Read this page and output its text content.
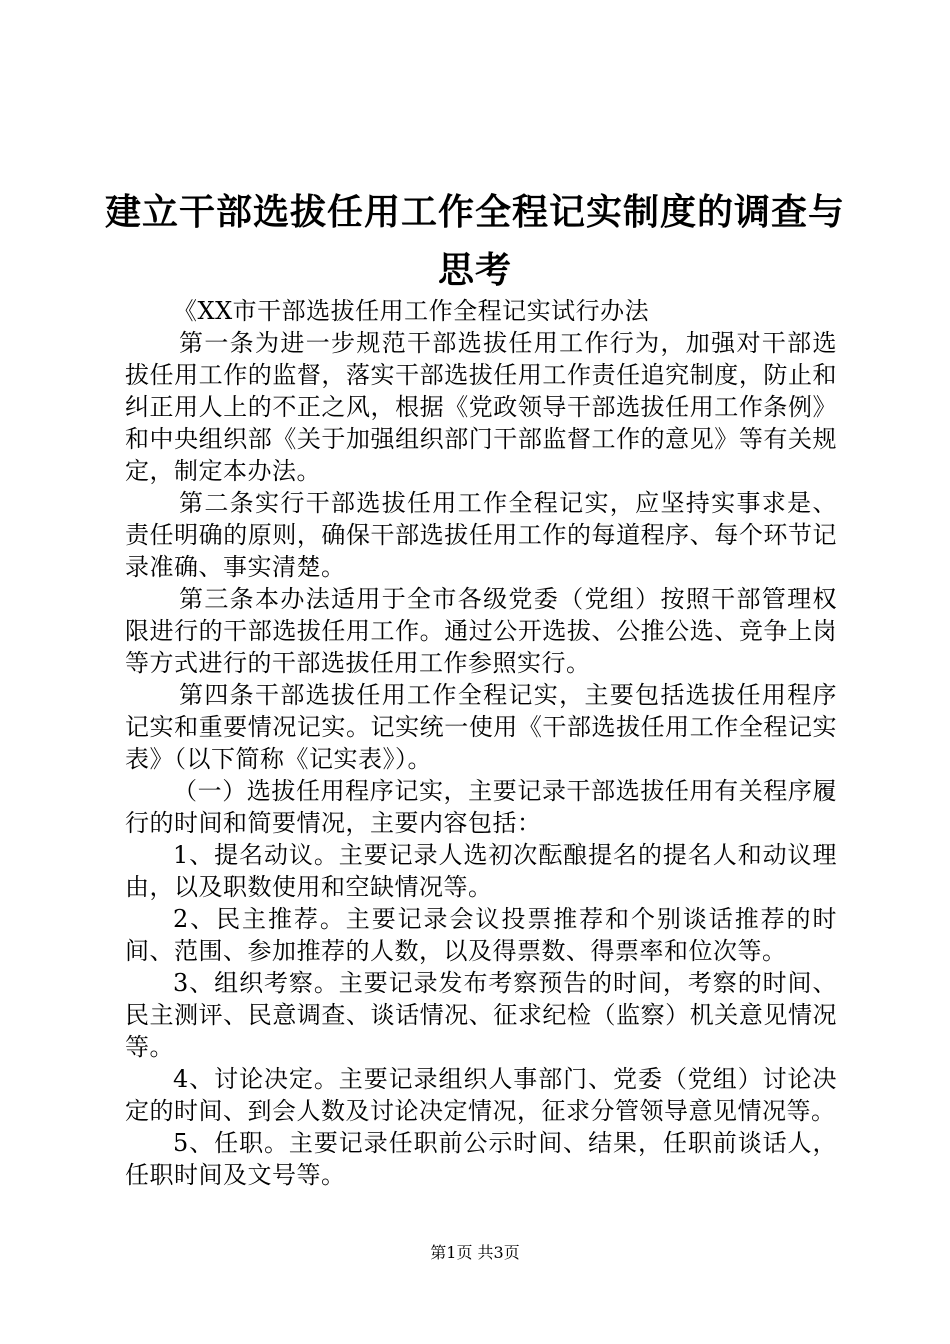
建立干部选拔任用工作全程记实制度的调查与
思考

《XX市干部选拔任用工作全程记实试行办法

第一条为进一步规范干部选拔任用工作行为，加强对干部选拔任用工作的监督，落实干部选拔任用工作责任追究制度，防止和纠正用人上的不正之风，根据《党政领导干部选拔任用工作条例》和中央组织部《关于加强组织部门干部监督工作的意见》等有关规定，制定本办法。

第二条实行干部选拔任用工作全程记实，应坚持实事求是、责任明确的原则，确保干部选拔任用工作的每道程序、每个环节记录准确、事实清楚。

第三条本办法适用于全市各级党委（党组）按照干部管理权限进行的干部选拔任用工作。通过公开选拔、公推公选、竞争上岗等方式进行的干部选拔任用工作参照实行。

第四条干部选拔任用工作全程记实，主要包括选拔任用程序记实和重要情况记实。记实统一使用《干部选拔任用工作全程记实表》（以下简称《记实表》）。

（一）选拔任用程序记实，主要记录干部选拔任用有关程序履行的时间和简要情况，主要内容包括：

1、提名动议。主要记录人选初次酝酿提名的提名人和动议理由，以及职数使用和空缺情况等。

2、民主推荐。主要记录会议投票推荐和个别谈话推荐的时间、范围、参加推荐的人数，以及得票数、得票率和位次等。

3、组织考察。主要记录发布考察预告的时间，考察的时间、民主测评、民意调查、谈话情况、征求纪检（监察）机关意见情况等。

4、讨论决定。主要记录组织人事部门、党委（党组）讨论决定的时间、到会人数及讨论决定情况，征求分管领导意见情况等。

5、任职。主要记录任职前公示时间、结果，任职前谈话人，任职时间及文号等。

第1页 共3页
